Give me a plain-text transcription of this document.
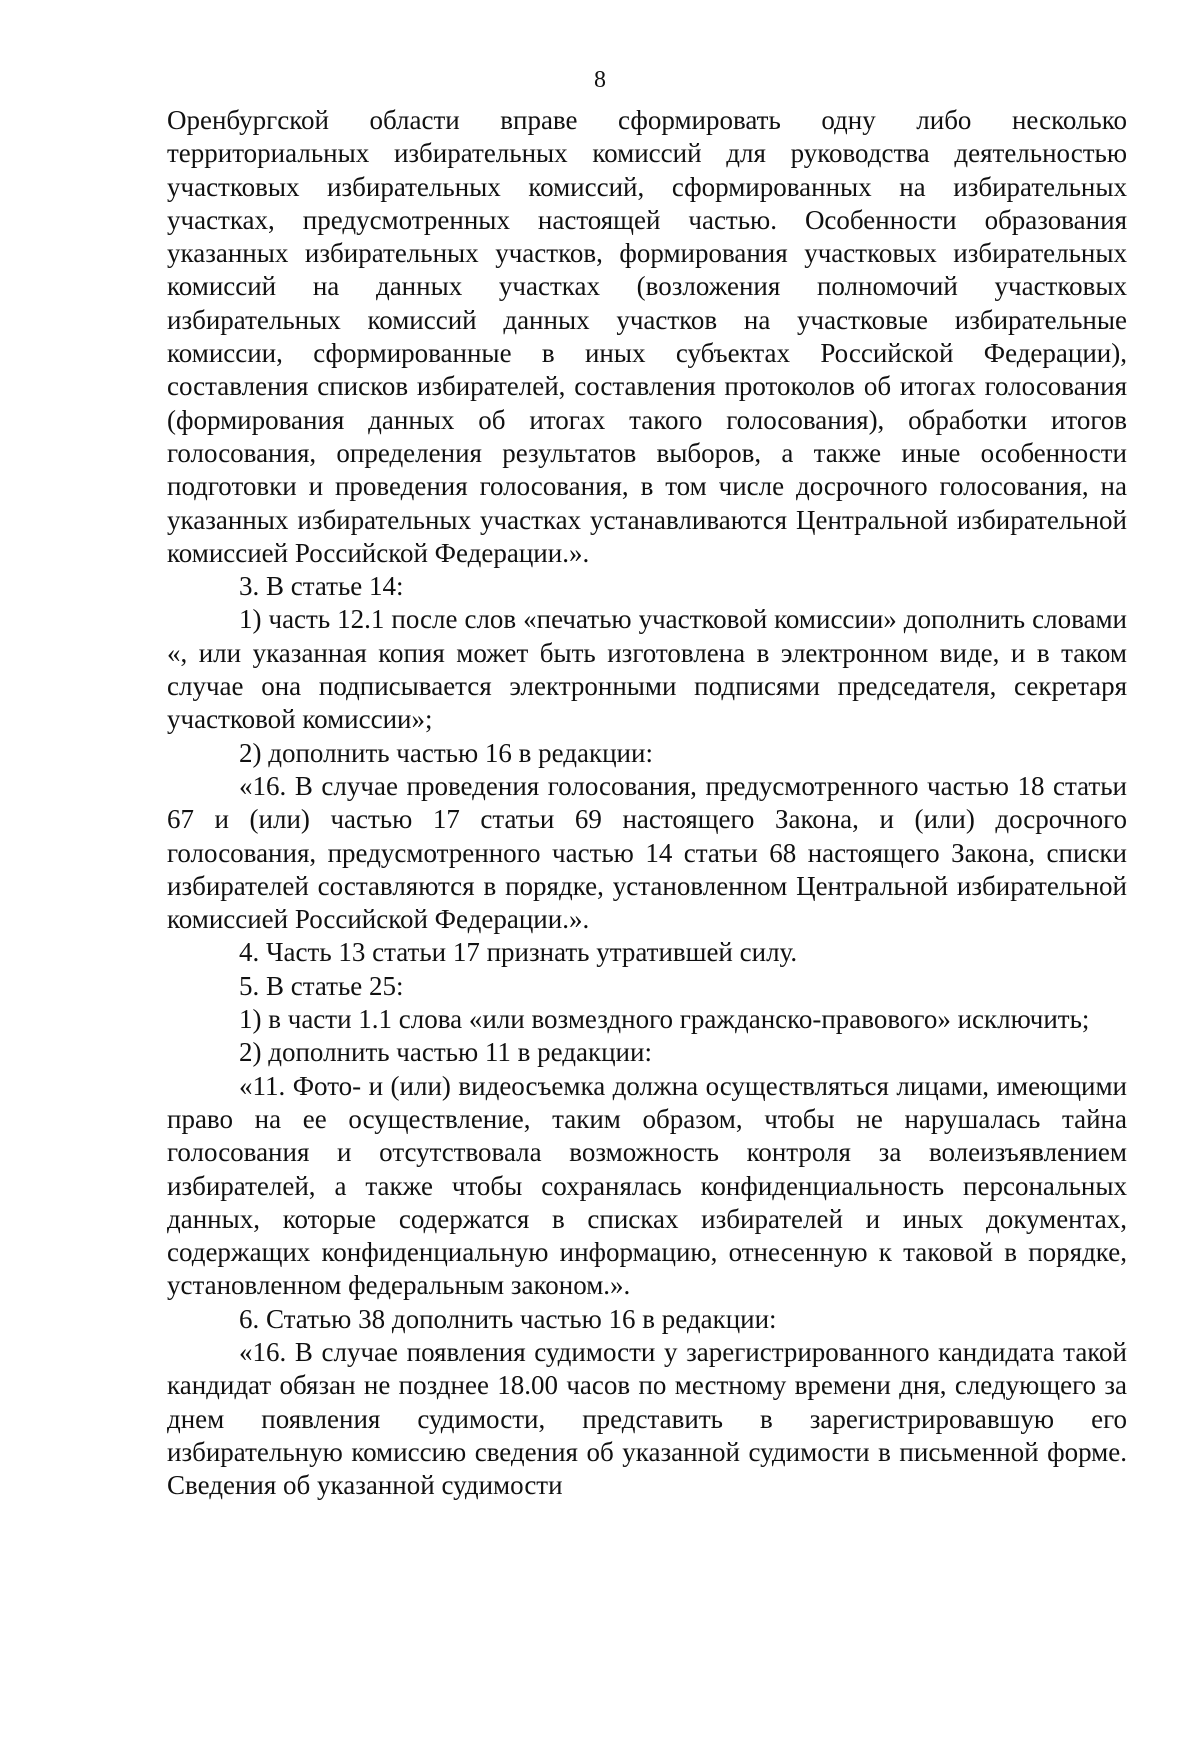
8

Оренбургской области вправе сформировать одну либо несколько территориальных избирательных комиссий для руководства деятельностью участковых избирательных комиссий, сформированных на избирательных участках, предусмотренных настоящей частью. Особенности образования указанных избирательных участков, формирования участковых избирательных комиссий на данных участках (возложения полномочий участковых избирательных комиссий данных участков на участковые избирательные комиссии, сформированные в иных субъектах Российской Федерации), составления списков избирателей, составления протоколов об итогах голосования (формирования данных об итогах такого голосования), обработки итогов голосования, определения результатов выборов, а также иные особенности подготовки и проведения голосования, в том числе досрочного голосования, на указанных избирательных участках устанавливаются Центральной избирательной комиссией Российской Федерации.».

3. В статье 14:

1) часть 12.1 после слов «печатью участковой комиссии» дополнить словами «, или указанная копия может быть изготовлена в электронном виде, и в таком случае она подписывается электронными подписями председателя, секретаря участковой комиссии»;

2) дополнить частью 16 в редакции:

«16. В случае проведения голосования, предусмотренного частью 18 статьи 67 и (или) частью 17 статьи 69 настоящего Закона, и (или) досрочного голосования, предусмотренного частью 14 статьи 68 настоящего Закона, списки избирателей составляются в порядке, установленном Центральной избирательной комиссией Российской Федерации.».

4. Часть 13 статьи 17 признать утратившей силу.

5. В статье 25:

1) в части 1.1 слова «или возмездного гражданско-правового» исключить;

2) дополнить частью 11 в редакции:

«11. Фото- и (или) видеосъемка должна осуществляться лицами, имеющими право на ее осуществление, таким образом, чтобы не нарушалась тайна голосования и отсутствовала возможность контроля за волеизъявлением избирателей, а также чтобы сохранялась конфиденциальность персональных данных, которые содержатся в списках избирателей и иных документах, содержащих конфиденциальную информацию, отнесенную к таковой в порядке, установленном федеральным законом.».

6. Статью 38 дополнить частью 16 в редакции:

«16. В случае появления судимости у зарегистрированного кандидата такой кандидат обязан не позднее 18.00 часов по местному времени дня, следующего за днем появления судимости, представить в зарегистрировавшую его избирательную комиссию сведения об указанной судимости в письменной форме. Сведения об указанной судимости
